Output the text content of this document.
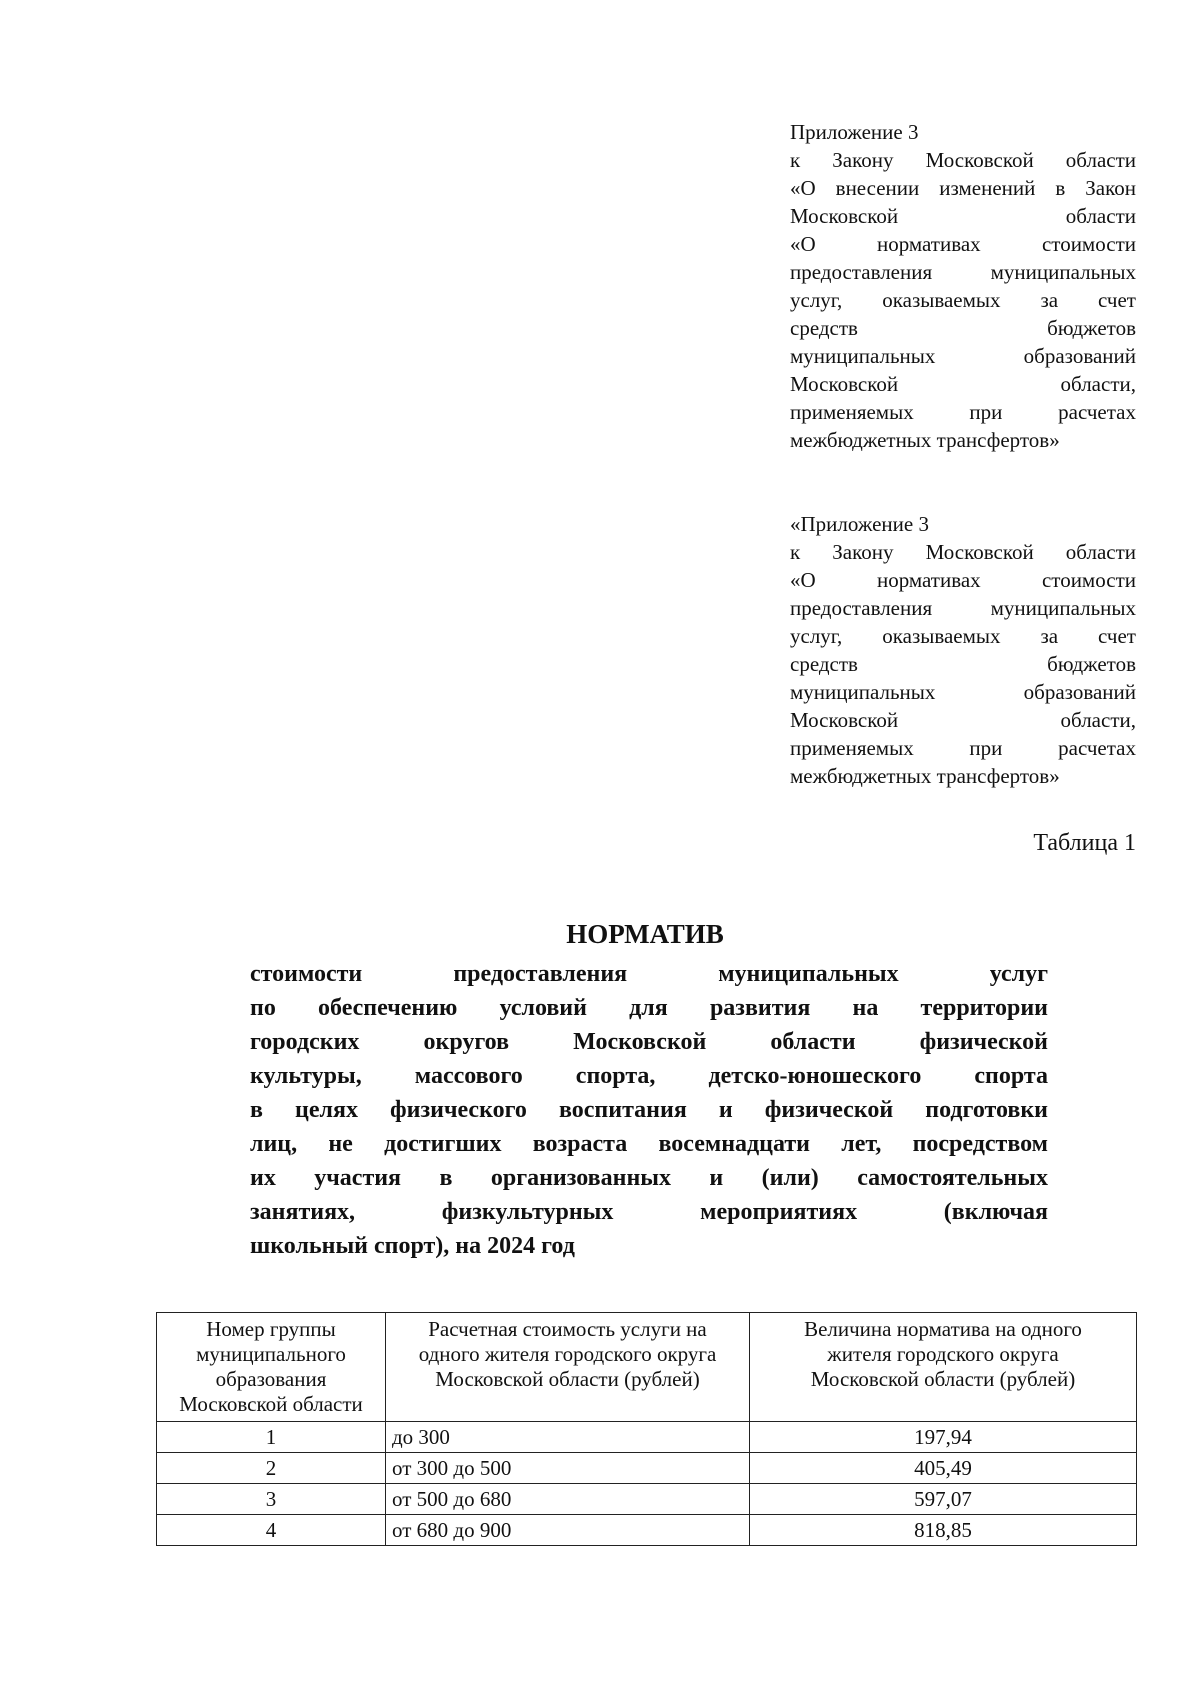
Приложение 3
к Закону Московской области
«О внесении изменений в Закон
Московской области
«О нормативах стоимости
предоставления муниципальных
услуг, оказываемых за счет
средств бюджетов
муниципальных образований
Московской области,
применяемых при расчетах
межбюджетных трансфертов»
«Приложение 3
к Закону Московской области
«О нормативах стоимости
предоставления муниципальных
услуг, оказываемых за счет
средств бюджетов
муниципальных образований
Московской области,
применяемых при расчетах
межбюджетных трансфертов»
Таблица 1
НОРМАТИВ
стоимости предоставления муниципальных услуг
по обеспечению условий для развития на территории
городских округов Московской области физической
культуры, массового спорта, детско-юношеского спорта
в целях физического воспитания и физической подготовки
лиц, не достигших возраста восемнадцати лет, посредством
их участия в организованных и (или) самостоятельных
занятиях, физкультурных мероприятиях (включая
школьный спорт), на 2024 год
Номер группы муниципального образования Московской области	Расчетная стоимость услуги на одного жителя городского округа Московской области (рублей)	Величина норматива на одного жителя городского округа Московской области (рублей)
1	до 300	197,94
2	от 300 до 500	405,49
3	от 500 до 680	597,07
4	от 680 до 900	818,85
